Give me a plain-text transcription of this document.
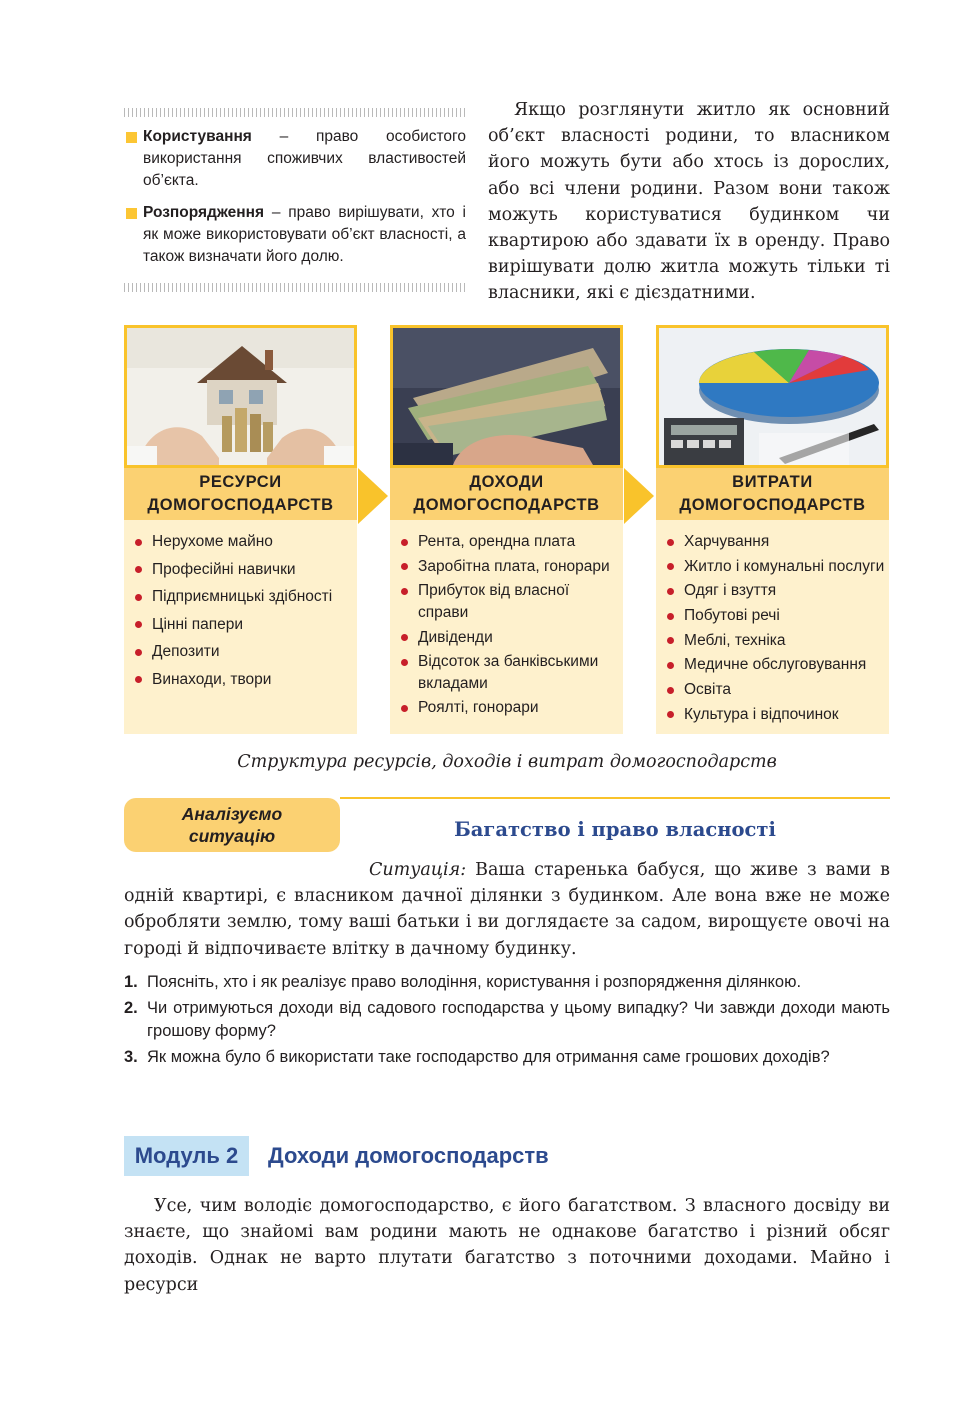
Користування – право особистого використання споживчих властивостей об’єкта.
Розпорядження – право вирішувати, хто і як може використовувати об’єкт власності, а також визначати його долю.
Якщо розглянути житло як основний об’єкт власності родини, то власником його можуть бути або хтось із дорослих, або всі члени родини. Разом вони також можуть користуватися будинком чи квартирою або здавати їх в оренду. Право вирішувати долю житла можуть тільки ті власники, які є дієздатними.
РЕСУРСИ
ДОМОГОСПОДАРСТВ
Нерухоме майно
Професійні навички
Підприємницькі здібності
Цінні папери
Депозити
Винаходи, твори
ДОХОДИ
ДОМОГОСПОДАРСТВ
Рента, орендна плата
Заробітна плата, гонорари
Прибуток від власної справи
Дивіденди
Відсоток за банківськими вкладами
Роялті, гонорари
ВИТРАТИ
ДОМОГОСПОДАРСТВ
Харчування
Житло і комунальні послуги
Одяг і взуття
Побутові речі
Меблі, техніка
Медичне обслуговування
Освіта
Культура і відпочинок
Структура ресурсів, доходів і витрат домогосподарств
Аналізуємо
ситуацію	Багатство і право власності
Ситуація: Ваша старенька бабуся, що живе з вами в одній квартирі, є власником дачної ділянки з будинком. Але вона вже не може обробляти землю, тому ваші батьки і ви доглядаєте за садом, вирощуєте овочі на городі й відпочиваєте влітку в дачному будинку.
1. Поясніть, хто і як реалізує право володіння, користування і розпорядження ділянкою.
2. Чи отримуються доходи від садового господарства у цьому випадку? Чи завжди доходи мають грошову форму?
3. Як можна було б використати таке господарство для отримання саме грошових доходів?
Модуль 2	Доходи домогосподарств
Усе, чим володіє домогосподарство, є його багатством. З власного досвіду ви знаєте, що знайомі вам родини мають не однакове багатство і різний обсяг доходів. Однак не варто плутати багатство з поточними доходами. Майно і ресурси
